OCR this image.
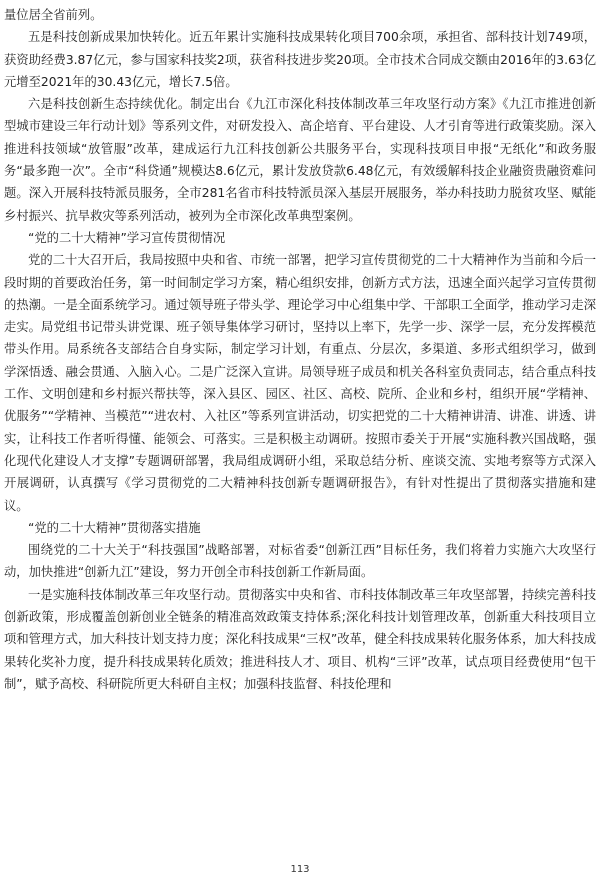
量位居全省前列。

五是科技创新成果加快转化。近五年累计实施科技成果转化项目700余项，承担省、部科技计划749项，获资助经费3.87亿元，参与国家科技奖2项，获省科技进步奖20项。全市技术合同成交额由2016年的3.63亿元增至2021年的30.43亿元，增长7.5倍。

六是科技创新生态持续优化。制定出台《九江市深化科技体制改革三年攻坚行动方案》《九江市推进创新型城市建设三年行动计划》等系列文件，对研发投入、高企培育、平台建设、人才引育等进行政策奖励。深入推进科技领域“放管服”改革，建成运行九江科技创新公共服务平台，实现科技项目申报“无纸化”和政务服务“最多跑一次”。全市“科贷通”规模达8.6亿元，累计发放贷款6.48亿元，有效缓解科技企业融资贵融资难问题。深入开展科技特派员服务，全市281名省市科技特派员深入基层开展服务，举办科技助力脱贫攻坚、赋能乡村振兴、抗旱救灾等系列活动，被列为全市深化改革典型案例。

“党的二十大精神”学习宣传贯彻情况

党的二十大召开后，我局按照中央和省、市统一部署，把学习宣传贯彻党的二十大精神作为当前和今后一段时期的首要政治任务，第一时间制定学习方案，精心组织安排，创新方式方法，迅速全面兴起学习宣传贯彻的热潮。一是全面系统学习。通过领导班子带头学、理论学习中心组集中学、干部职工全面学，推动学习走深走实。局党组书记带头讲党课、班子领导集体学习研讨，坚持以上率下，先学一步、深学一层，充分发挥模范带头作用。局系统各支部结合自身实际，制定学习计划，有重点、分层次，多渠道、多形式组织学习，做到 学深悟透、融会贯通、入脑入心。二是广泛深入宣讲。局领导班子成员和机关各科室负责同志，结合重点科技工作、文明创建和乡村振兴帮扶等，深入县区、园区、社区、高校、院所、企业和乡村，组织开展“学精神、优服务”“学精神、当模范”“进农村、入社区”等系列宣讲活动，切实把党的二十大精神讲清、讲准、讲透、讲实，让科技工作者听得懂、能领会、可落实。三是积极主动调研。按照市委关于开展“实施科教兴国战略，强化现代化建设人才支撑”专题调研部署，我局组成调研小组，采取总结分析、座谈交流、实地考察等方式深入开展调研，认真撰写《学习贯彻党的二大精神科技创新专题调研报告》，有针对性提出了贯彻落实措施和建议。

“党的二十大精神”贯彻落实措施

围绕党的二十大关于“科技强国”战略部署，对标省委“创新江西”目标任务，我们将着力实施六大攻坚行动，加快推进“创新九江”建设，努力开创全市科技创新工作新局面。

一是实施科技体制改革三年攻坚行动。贯彻落实中央和省、市科技体制改革三年攻坚部署，持续完善科技创新政策，形成覆盖创新创业全链条的精准高效政策支持体系;深化科技计划管理改革，创新重大科技项目立项和管理方式，加大科技计划支持力度；深化科技成果“三权”改革，健全科技成果转化服务体系，加大科技成果转化奖补力度，提升科技成果转化质效；推进科技人才、项目、机构“三评”改革，试点项目经费使用“包干制”，赋予高校、科研院所更大科研自主权；加强科技监督、科技伦理和

113
